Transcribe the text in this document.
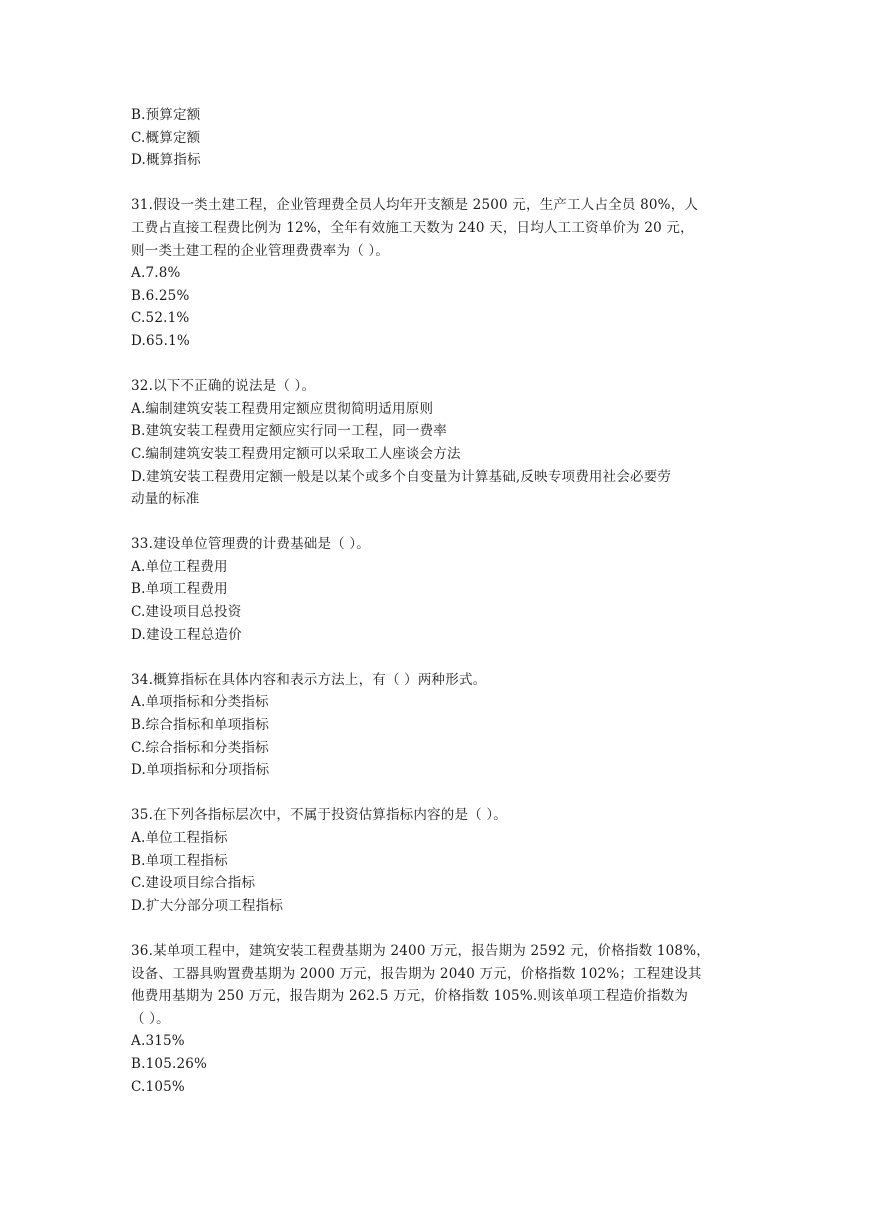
B.预算定额
C.概算定额
D.概算指标
31.假设一类土建工程，企业管理费全员人均年开支额是 2500 元，生产工人占全员 80%，人
工费占直接工程费比例为 12%，全年有效施工天数为 240 天，日均人工工资单价为 20 元，
则一类土建工程的企业管理费费率为（ ）。
A.7.8%
B.6.25%
C.52.1%
D.65.1%
32.以下不正确的说法是（ ）。
A.编制建筑安装工程费用定额应贯彻简明适用原则
B.建筑安装工程费用定额应实行同一工程，同一费率
C.编制建筑安装工程费用定额可以采取工人座谈会方法
D.建筑安装工程费用定额一般是以某个或多个自变量为计算基础,反映专项费用社会必要劳
动量的标准
33.建设单位管理费的计费基础是（ ）。
A.单位工程费用
B.单项工程费用
C.建设项目总投资
D.建设工程总造价
34.概算指标在具体内容和表示方法上，有（ ）两种形式。
A.单项指标和分类指标
B.综合指标和单项指标
C.综合指标和分类指标
D.单项指标和分项指标
35.在下列各指标层次中，不属于投资估算指标内容的是（ ）。
A.单位工程指标
B.单项工程指标
C.建设项目综合指标
D.扩大分部分项工程指标
36.某单项工程中，建筑安装工程费基期为 2400 万元，报告期为 2592 元，价格指数 108%，
设备、工器具购置费基期为 2000 万元，报告期为 2040 万元，价格指数 102%；工程建设其
他费用基期为 250 万元，报告期为 262.5 万元，价格指数 105%.则该单项工程造价指数为
（ ）。
A.315%
B.105.26%
C.105%
